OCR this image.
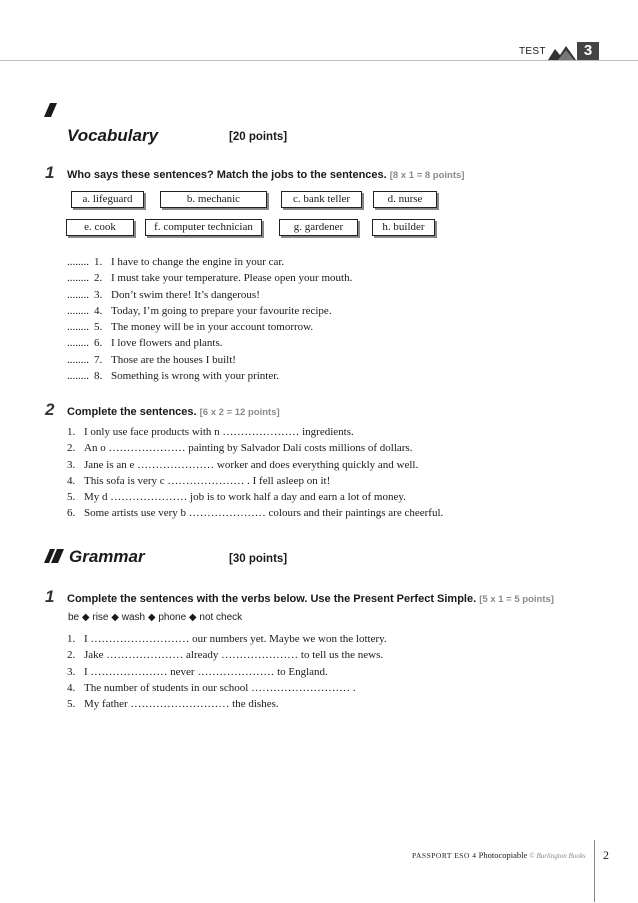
TEST	3
Vocabulary	[20 points]
1 Who says these sentences? Match the jobs to the sentences. [8 x 1 = 8 points]
a. lifeguard	b. mechanic	c. bank teller	d. nurse
e. cook	f. computer technician	g. gardener	h. builder
........ 1. I have to change the engine in your car.
........ 2. I must take your temperature. Please open your mouth.
........ 3. Don’t swim there! It’s dangerous!
........ 4. Today, I’m going to prepare your favourite recipe.
........ 5. The money will be in your account tomorrow.
........ 6. I love flowers and plants.
........ 7. Those are the houses I built!
........ 8. Something is wrong with your printer.
2 Complete the sentences. [6 x 2 = 12 points]
1. I only use face products with n ………………… ingredients.
2. An o ………………… painting by Salvador Dalí costs millions of dollars.
3. Jane is an e ………………… worker and does everything quickly and well.
4. This sofa is very c ………………… . I fell asleep on it!
5. My d ………………… job is to work half a day and earn a lot of money.
6. Some artists use very b ………………… colours and their paintings are cheerful.
Grammar	[30 points]
1 Complete the sentences with the verbs below. Use the Present Perfect Simple. [5 x 1 = 5 points]
be ◆ rise ◆ wash ◆ phone ◆ not check
1. I ……………………… our numbers yet. Maybe we won the lottery.
2. Jake ………………… already ………………… to tell us the news.
3. I ………………… never ………………… to England.
4. The number of students in our school ……………………… .
5. My father ……………………… the dishes.
PASSPORT ESO 4 Photocopiable © Burlington Books 2
